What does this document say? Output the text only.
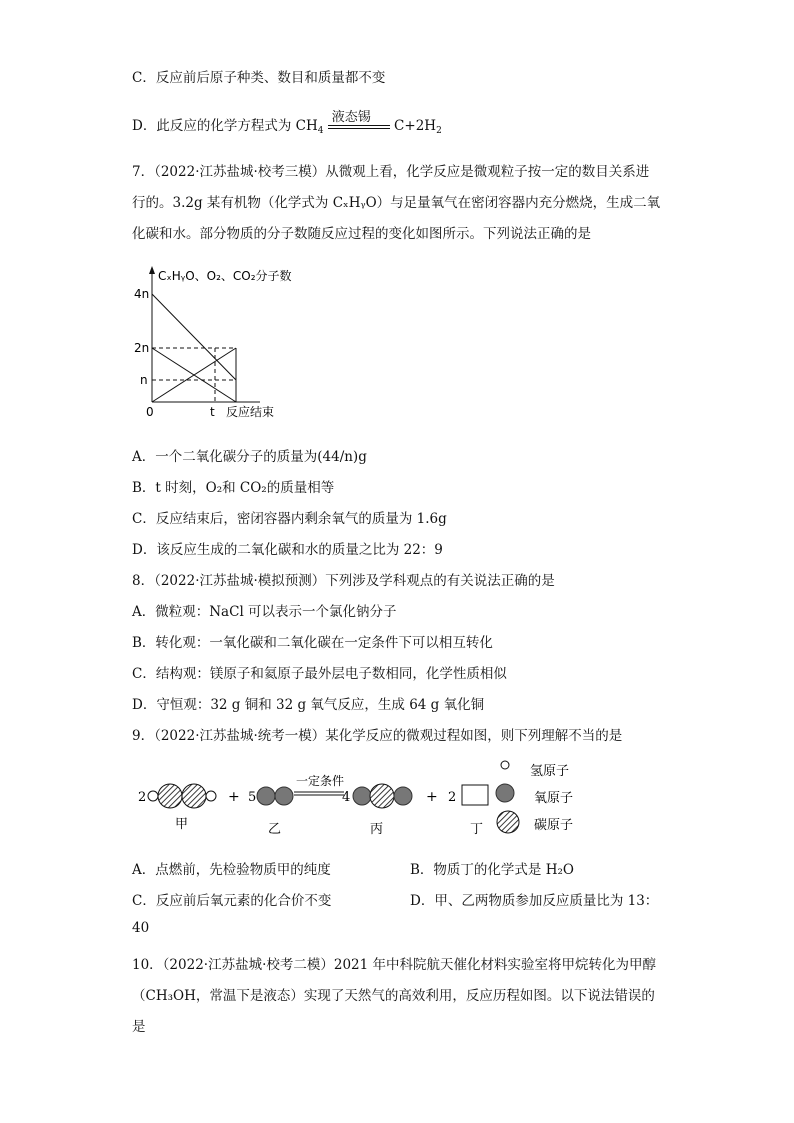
C．反应前后原子种类、数目和质量都不变
D．此反应的化学方程式为 $CH_4$
液态锡
$C+2H_2$
7．（2022·江苏盐城·校考三模）从微观上看，化学反应是微观粒子按一定的数目关系进
行的。3.2g 某有机物（化学式为 CₓHᵧO）与足量氧气在密闭容器内充分燃烧，生成二氧
化碳和水。部分物质的分子数随反应过程的变化如图所示。下列说法正确的是
4n
2n
n
0	t 反应结束
CₓHᵧO、O₂、CO₂分子数
A．一个二氧化碳分子的质量为(44/n)g
B．t 时刻，O₂和 CO₂的质量相等
C．反应结束后，密闭容器内剩余氧气的质量为 1.6g
D．该反应生成的二氧化碳和水的质量之比为 22：9
8．（2022·江苏盐城·模拟预测）下列涉及学科观点的有关说法正确的是
A．微粒观：NaCl 可以表示一个氯化钠分子
B．转化观：一氧化碳和二氧化碳在一定条件下可以相互转化
C．结构观：镁原子和氦原子最外层电子数相同，化学性质相似
D．守恒观：32 g 铜和 32 g 氧气反应，生成 64 g 氧化铜
9．（2022·江苏盐城·统考一模）某化学反应的微观过程如图，则下列理解不当的是
2
甲
+ 5
乙
一定条件
4
丙
+ 2
丁
氢原子
氧原子
碳原子
A．点燃前，先检验物质甲的纯度	B．物质丁的化学式是 H₂O
C．反应前后氧元素的化合价不变	D．甲、乙两物质参加反应质量比为 13：
40
10．（2022·江苏盐城·校考二模）2021 年中科院航天催化材料实验室将甲烷转化为甲醇
（CH₃OH，常温下是液态）实现了天然气的高效利用，反应历程如图。以下说法错误的
是
